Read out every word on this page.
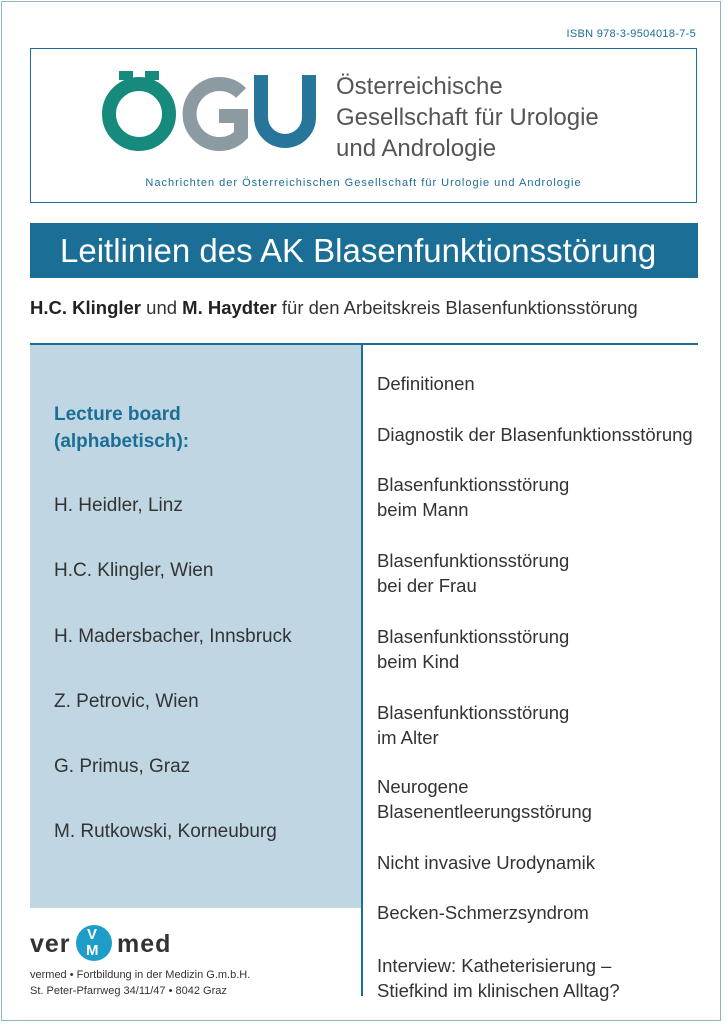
ISBN 978-3-9504018-7-5
Österreichische
Gesellschaft für Urologie
und Andrologie
Nachrichten der Österreichischen Gesellschaft für Urologie und Andrologie
Leitlinien des AK Blasenfunktionsstörung
H.C. Klingler und M. Haydter für den Arbeitskreis Blasenfunktionsstörung
Lecture board
(alphabetisch):
H. Heidler, Linz
H.C. Klingler, Wien
H. Madersbacher, Innsbruck
Z. Petrovic, Wien
G. Primus, Graz
M. Rutkowski, Korneuburg
Definitionen
Diagnostik der Blasenfunktionsstörung
Blasenfunktionsstörung
beim Mann
Blasenfunktionsstörung
bei der Frau
Blasenfunktionsstörung
beim Kind
Blasenfunktionsstörung
im Alter
Neurogene
Blasenentleerungsstörung
Nicht invasive Urodynamik
Becken-Schmerzsyndrom
Interview: Katheterisierung –
Stiefkind im klinischen Alltag?
ver V
M med
vermed • Fortbildung in der Medizin G.m.b.H.
St. Peter-Pfarrweg 34/11/47 • 8042 Graz
